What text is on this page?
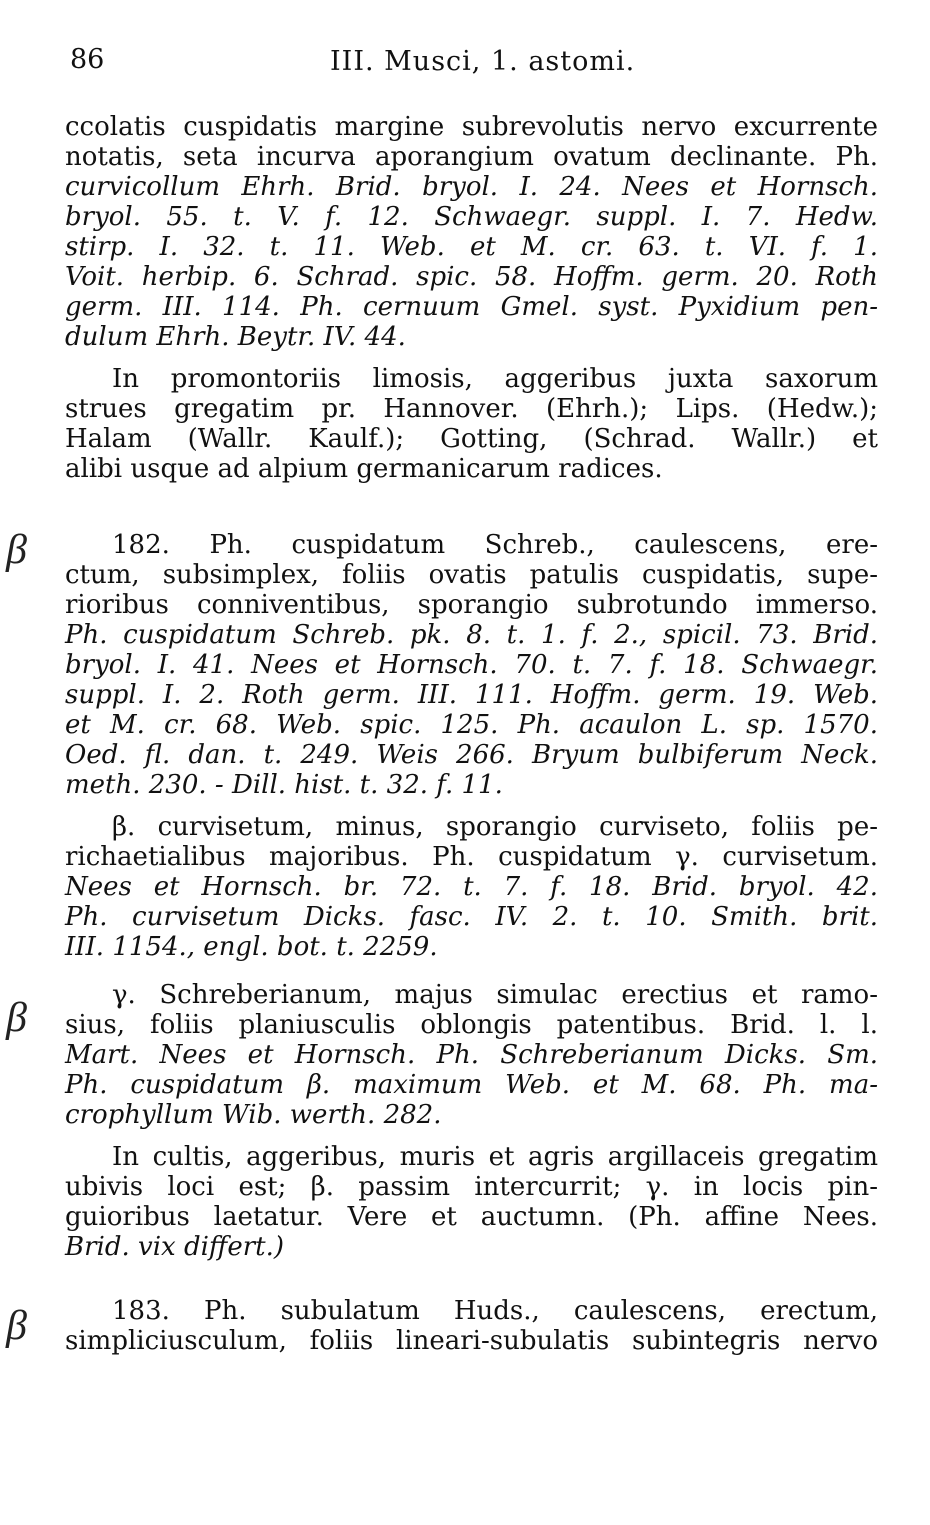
86	III. Musci, 1. astomi.
β
β
β
ccolatis cuspidatis margine subrevolutis nervo excurrente
notatis, seta incurva aporangium ovatum declinante. Ph.
curvicollum Ehrh. Brid. bryol. I. 24. Nees et Hornsch.
bryol. 55. t. V. f. 12. Schwaegr. suppl. I. 7. Hedw.
stirp. I. 32. t. 11. Web. et M. cr. 63. t. VI. f. 1.
Voit. herbip. 6. Schrad. spic. 58. Hoffm. germ. 20. Roth
germ. III. 114. Ph. cernuum Gmel. syst. Pyxidium pen-
dulum Ehrh. Beytr. IV. 44.
In promontoriis limosis, aggeribus juxta saxorum
strues gregatim pr. Hannover. (Ehrh.); Lips. (Hedw.);
Halam (Wallr. Kaulf.); Gotting, (Schrad. Wallr.) et
alibi usque ad alpium germanicarum radices.
182. Ph. cuspidatum Schreb., caulescens, ere-
ctum, subsimplex, foliis ovatis patulis cuspidatis, supe-
rioribus conniventibus, sporangio subrotundo immerso.
Ph. cuspidatum Schreb. pk. 8. t. 1. f. 2., spicil. 73. Brid.
bryol. I. 41. Nees et Hornsch. 70. t. 7. f. 18. Schwaegr.
suppl. I. 2. Roth germ. III. 111. Hoffm. germ. 19. Web.
et M. cr. 68. Web. spic. 125. Ph. acaulon L. sp. 1570.
Oed. fl. dan. t. 249. Weis 266. Bryum bulbiferum Neck.
meth. 230. - Dill. hist. t. 32. f. 11.
β. curvisetum, minus, sporangio curviseto, foliis pe-
richaetialibus majoribus. Ph. cuspidatum γ. curvisetum.
Nees et Hornsch. br. 72. t. 7. f. 18. Brid. bryol. 42.
Ph. curvisetum Dicks. fasc. IV. 2. t. 10. Smith. brit.
III. 1154., engl. bot. t. 2259.
γ. Schreberianum, majus simulac erectius et ramo-
sius, foliis planiusculis oblongis patentibus. Brid. l. l.
Mart. Nees et Hornsch. Ph. Schreberianum Dicks. Sm.
Ph. cuspidatum β. maximum Web. et M. 68. Ph. ma-
crophyllum Wib. werth. 282.
In cultis, aggeribus, muris et agris argillaceis gregatim
ubivis loci est; β. passim intercurrit; γ. in locis pin-
guioribus laetatur. Vere et auctumn. (Ph. affine Nees.
Brid. vix differt.)
183. Ph. subulatum Huds., caulescens, erectum,
simpliciusculum, foliis lineari-subulatis subintegris nervo
